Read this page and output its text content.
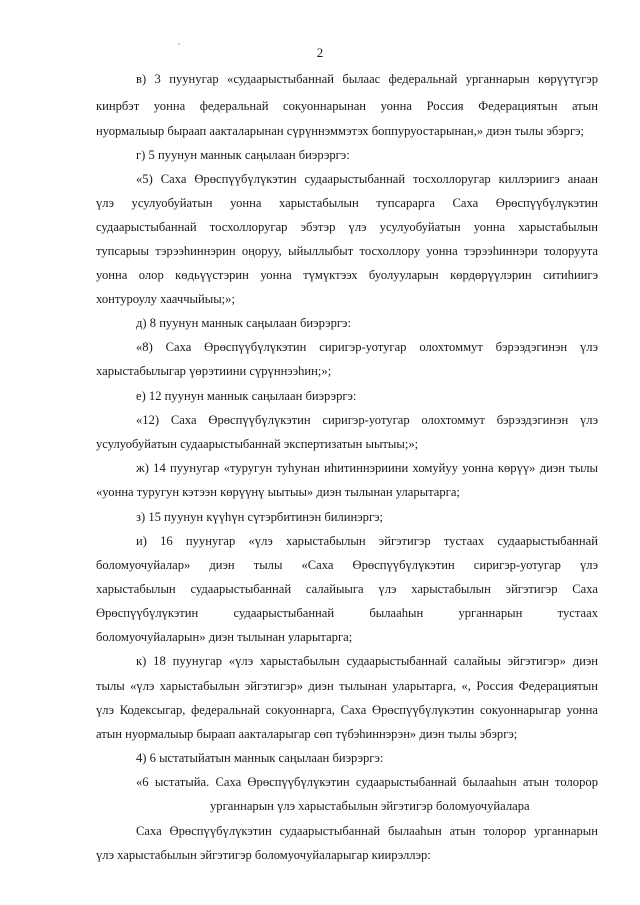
2
в) 3 пуунугар «судаарыстыбаннай былаас федеральнай урганнарын көрүүтүгэр
кинрбэт уонна федеральнай сокуоннарынан уонна Россия Федерациятын атын
нуормалыыр быраап аакталарынан сүрүннэммэтэх боппуруостарынан,» диэн тылы эбэргэ;
г) 5 пуунун маннык саңылаан биэрэргэ:
«5) Саха Өрөспүүбүлүкэтин судаарыстыбаннай тосхоллоругар киллэриигэ анаан
үлэ усулуобуйатын уонна харыстабылын тупсарарга Саха Өрөспүүбүлүкэтин
судаарыстыбаннай тосхоллоругар эбэтэр үлэ усулуобуйатын уонна харыстабылын
тупсарыы тэрээһиннэрин оңоруу, ыйыллыбыт тосхоллору уонна тэрээһиннэри толоруута
уонна олор көдьүүстэрин уонна түмүктээх буолууларын көрдөрүүлэрин ситиһиигэ
хонтуроулу хааччыйыы;»;
д) 8 пуунун маннык саңылаан биэрэргэ:
«8) Саха Өрөспүүбүлүкэтин сиригэр-уотугар олохтоммут бэрээдэгинэн үлэ
харыстабылыгар үөрэтиини сүрүннээһин;»;
е) 12 пуунун маннык саңылаан биэрэргэ:
«12) Саха Өрөспүүбүлүкэтин сиригэр-уотугар олохтоммут бэрээдэгинэн үлэ
усулуобуйатын судаарыстыбаннай экспертизатын ыытыы;»;
ж) 14 пуунугар «туругун туһунан иһитиннэриини хомуйуу уонна көрүү» диэн тылы
«уонна туругун кэтээн көрүүнү ыытыы» диэн тылынан уларытарга;
з) 15 пуунун күүһүн сүтэрбитинэн билинэргэ;
и) 16 пуунугар «үлэ харыстабылын эйгэтигэр тустаах судаарыстыбаннай
боломуочуйалар» диэн тылы «Саха Өрөспүүбүлүкэтин сиригэр-уотугар үлэ
харыстабылын судаарыстыбаннай салайыыга үлэ харыстабылын эйгэтигэр Саха
Өрөспүүбүлүкэтин судаарыстыбаннай былааһын урганнарын тустаах
боломуочуйаларын» диэн тылынан уларытарга;
к) 18 пуунугар «үлэ харыстабылын судаарыстыбаннай салайыы эйгэтигэр» диэн
тылы «үлэ харыстабылын эйгэтигэр» диэн тылынан уларытарга, «, Россия Федерациятын
үлэ Кодексыгар, федеральнай сокуоннарга, Саха Өрөспүүбүлүкэтин сокуоннарыгар уонна
атын нуормалыыр быраап аакталарыгар сөп түбэһиннэрэн» диэн тылы эбэргэ;
4) 6 ыстатыйатын маннык саңылаан биэрэргэ:
«6 ыстатыйа. Саха Өрөспүүбүлүкэтин судаарыстыбаннай былааһын атын толорор
урганнарын үлэ харыстабылын эйгэтигэр боломуочуйалара
Саха Өрөспүүбүлүкэтин судаарыстыбаннай былааһын атын толорор урганнарын
үлэ харыстабылын эйгэтигэр боломуочуйаларыгар киирэллэр:
